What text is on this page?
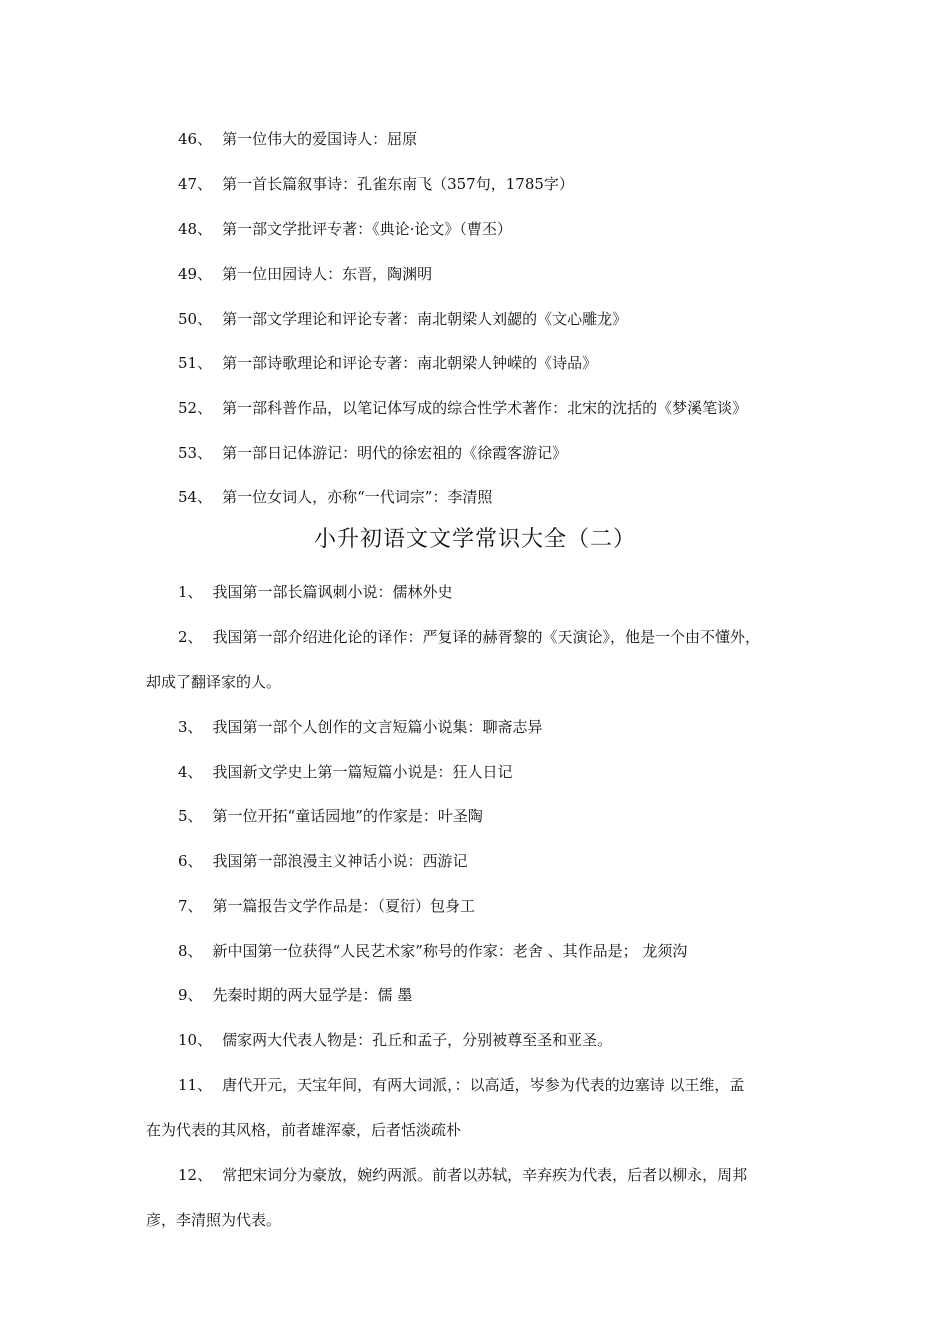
46、 第一位伟大的爱国诗人：屈原
47、 第一首长篇叙事诗：孔雀东南飞（357句，1785字）
48、 第一部文学批评专著：《典论·论文》（曹丕）
49、 第一位田园诗人：东晋，陶渊明
50、 第一部文学理论和评论专著：南北朝梁人刘勰的《文心雕龙》
51、 第一部诗歌理论和评论专著：南北朝梁人钟嵘的《诗品》
52、 第一部科普作品，以笔记体写成的综合性学术著作：北宋的沈括的《梦溪笔谈》
53、 第一部日记体游记：明代的徐宏祖的《徐霞客游记》
54、 第一位女词人，亦称“一代词宗”：李清照
小升初语文文学常识大全（二）
1、 我国第一部长篇讽刺小说：儒林外史
2、 我国第一部介绍进化论的译作：严复译的赫胥黎的《天演论》，他是一个由不懂外，
却成了翻译家的人。
3、 我国第一部个人创作的文言短篇小说集：聊斋志异
4、 我国新文学史上第一篇短篇小说是：狂人日记
5、 第一位开拓“童话园地”的作家是：叶圣陶
6、 我国第一部浪漫主义神话小说：西游记
7、 第一篇报告文学作品是：（夏衍）包身工
8、 新中国第一位获得“人民艺术家”称号的作家：老舍 、其作品是； 龙须沟
9、 先秦时期的两大显学是：儒 墨
10、 儒家两大代表人物是：孔丘和孟子，分别被尊至圣和亚圣。
11、 唐代开元，天宝年间，有两大词派，：以高适，岑参为代表的边塞诗 以王维，孟
在为代表的其风格，前者雄浑豪，后者恬淡疏朴
12、 常把宋词分为豪放，婉约两派。前者以苏轼，辛弃疾为代表，后者以柳永，周邦
彦，李清照为代表。
